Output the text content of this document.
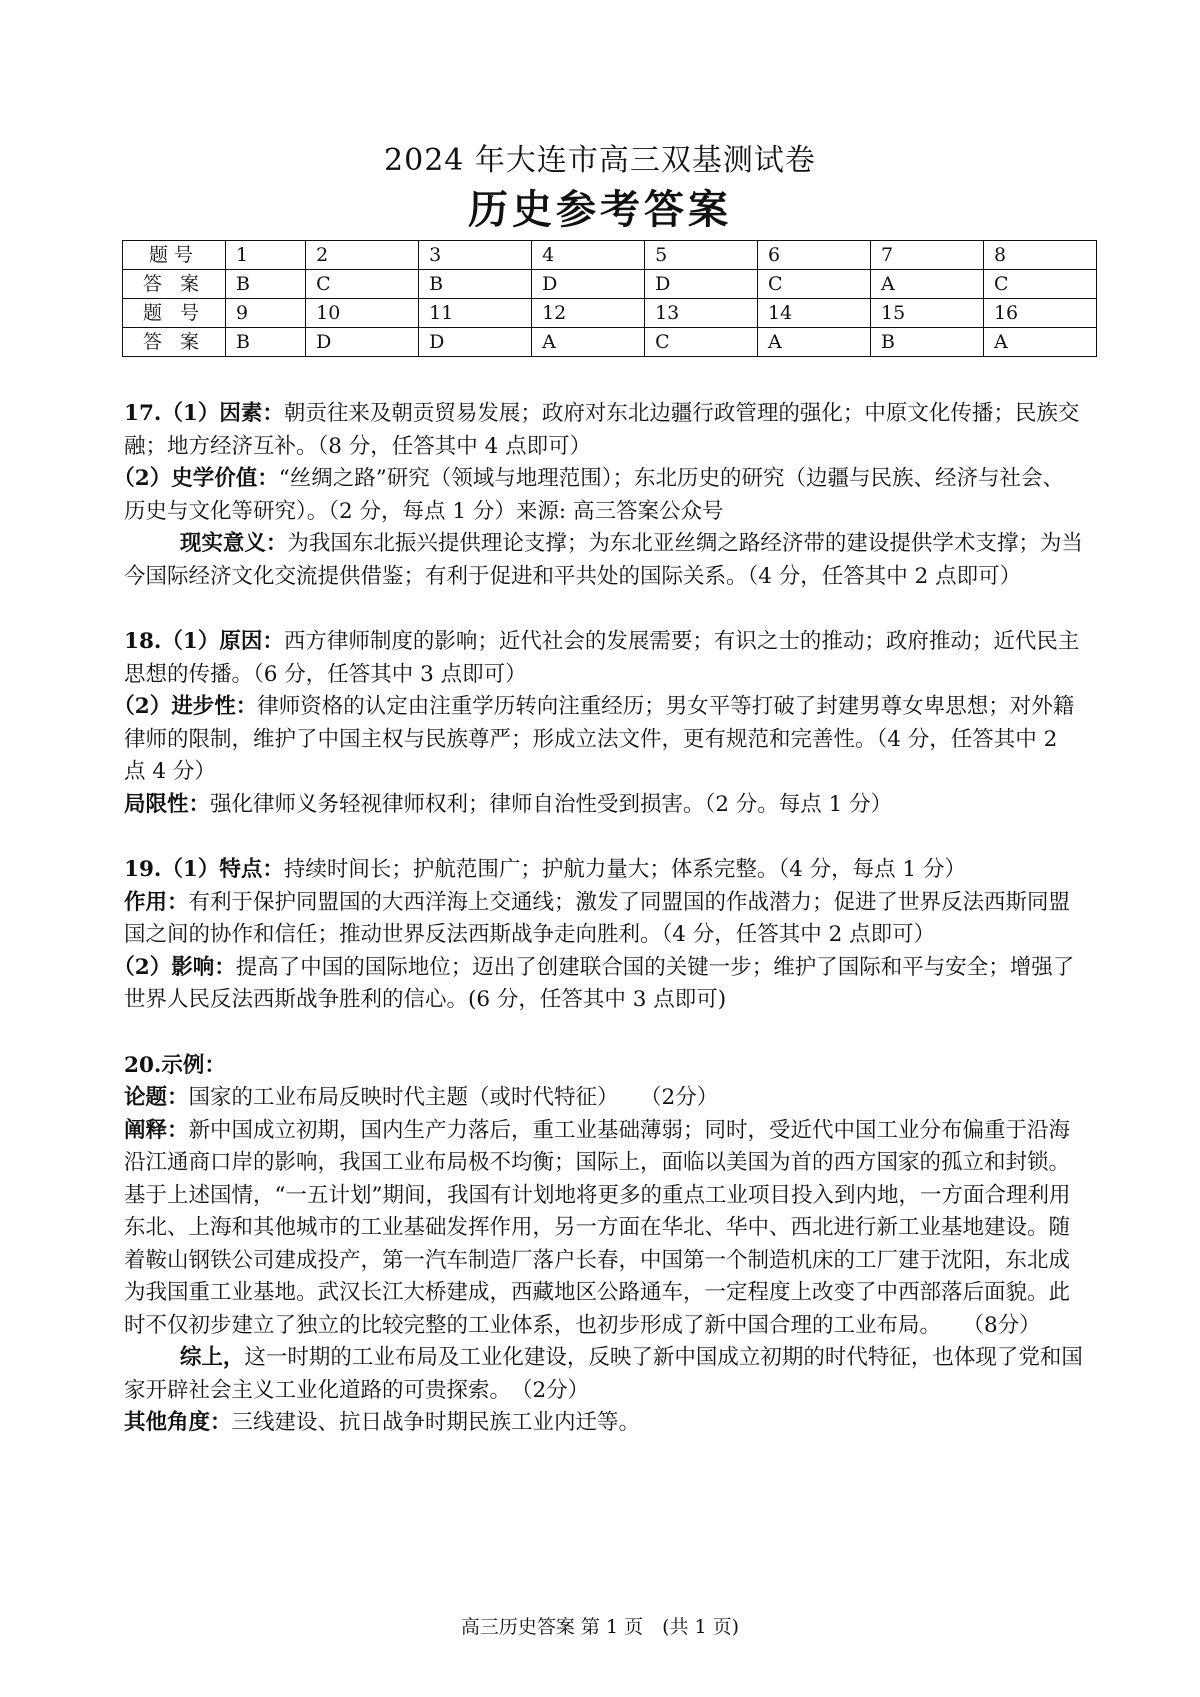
2024 年大连市高三双基测试卷
历史参考答案
题号	1	2	3	4	5	6	7	8
答 案	B	C	B	D	D	C	A	C
题 号	9	10	11	12	13	14	15	16
答 案	B	D	D	A	C	A	B	A

17.（1）因素：朝贡往来及朝贡贸易发展；政府对东北边疆行政管理的强化；中原文化传播；民族交融；地方经济互补。（8 分，任答其中 4 点即可）

（2）史学价值：“丝绸之路”研究（领域与地理范围）；东北历史的研究（边疆与民族、经济与社会、历史与文化等研究）。（2 分，每点 1 分）来源: 高三答案公众号

现实意义：为我国东北振兴提供理论支撑；为东北亚丝绸之路经济带的建设提供学术支撑；为当今国际经济文化交流提供借鉴；有利于促进和平共处的国际关系。（4 分，任答其中 2 点即可）

18.（1）原因：西方律师制度的影响；近代社会的发展需要；有识之士的推动；政府推动；近代民主思想的传播。（6 分，任答其中 3 点即可）

（2）进步性：律师资格的认定由注重学历转向注重经历；男女平等打破了封建男尊女卑思想；对外籍律师的限制，维护了中国主权与民族尊严；形成立法文件，更有规范和完善性。（4 分，任答其中 2 点 4 分）

局限性：强化律师义务轻视律师权利；律师自治性受到损害。（2 分。每点 1 分）

19.（1）特点：持续时间长；护航范围广；护航力量大；体系完整。（4 分，每点 1 分）

作用：有利于保护同盟国的大西洋海上交通线；激发了同盟国的作战潜力；促进了世界反法西斯同盟国之间的协作和信任；推动世界反法西斯战争走向胜利。（4 分，任答其中 2 点即可）

（2）影响：提高了中国的国际地位；迈出了创建联合国的关键一步；维护了国际和平与安全；增强了世界人民反法西斯战争胜利的信心。(6 分，任答其中 3 点即可)

20.示例：

论题：国家的工业布局反映时代主题（或时代特征）　　（2分）

阐释：新中国成立初期，国内生产力落后，重工业基础薄弱；同时，受近代中国工业分布偏重于沿海沿江通商口岸的影响，我国工业布局极不均衡；国际上，面临以美国为首的西方国家的孤立和封锁。基于上述国情，“一五计划”期间，我国有计划地将更多的重点工业项目投入到内地，一方面合理利用东北、上海和其他城市的工业基础发挥作用，另一方面在华北、华中、西北进行新工业基地建设。随着鞍山钢铁公司建成投产，第一汽车制造厂落户长春，中国第一个制造机床的工厂建于沈阳，东北成为我国重工业基地。武汉长江大桥建成，西藏地区公路通车，一定程度上改变了中西部落后面貌。此时不仅初步建立了独立的比较完整的工业体系，也初步形成了新中国合理的工业布局。　　（8分）

综上，这一时期的工业布局及工业化建设，反映了新中国成立初期的时代特征，也体现了党和国家开辟社会主义工业化道路的可贵探索。　（2分）

其他角度：三线建设、抗日战争时期民族工业内迁等。

高三历史答案 第 1 页　(共 1 页)
